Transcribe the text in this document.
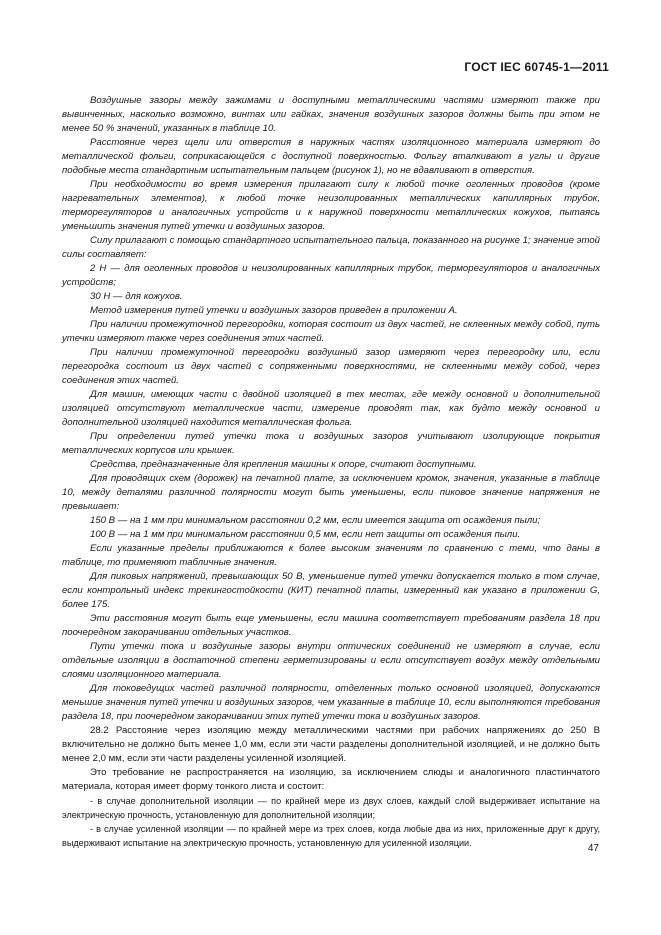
ГОСТ IEC 60745-1—2011

Воздушные зазоры между зажимами и доступными металлическими частями измеряют также при вывинченных, насколько возможно, винтах или гайках, значения воздушных зазоров должны быть при этом не менее 50 % значений, указанных в таблице 10.

Расстояние через щели или отверстия в наружных частях изоляционного материала измеряют до металлической фольги, соприкасающейся с доступной поверхностью. Фольгу вталкивают в углы и другие подобные места стандартным испытательным пальцем (рисунок 1), но не вдавливают в отверстия.

При необходимости во время измерения прилагают силу к любой точке оголенных проводов (кроме нагревательных элементов), к любой точке неизолированных металлических капиллярных трубок, терморегуляторов и аналогичных устройств и к наружной поверхности металлических кожухов, пытаясь уменьшить значения путей утечки и воздушных зазоров.

Силу прилагают с помощью стандартного испытательного пальца, показанного на рисунке 1; значение этой силы составляет:

2 Н — для оголенных проводов и неизолированных капиллярных трубок, терморегуляторов и аналогичных устройств;

30 Н — для кожухов.

Метод измерения путей утечки и воздушных зазоров приведен в приложении А.

При наличии промежуточной перегородки, которая состоит из двух частей, не склеенных между собой, путь утечки измеряют также через соединения этих частей.

При наличии промежуточной перегородки воздушный зазор измеряют через перегородку или, если перегородка состоит из двух частей с сопряженными поверхностями, не склеенными между собой, через соединения этих частей.

Для машин, имеющих части с двойной изоляцией в тех местах, где между основной и дополнительной изоляцией отсутствуют металлические части, измерение проводят так, как будто между основной и дополнительной изоляцией находится металлическая фольга.

При определении путей утечки тока и воздушных зазоров учитывают изолирующие покрытия металлических корпусов или крышек.

Средства, предназначенные для крепления машины к опоре, считают доступными.

Для проводящих схем (дорожек) на печатной плате, за исключением кромок, значения, указанные в таблице 10, между деталями различной полярности могут быть уменьшены, если пиковое значение напряжения не превышает:

150 В — на 1 мм при минимальном расстоянии 0,2 мм, если имеется защита от осаждения пыли;

100 В — на 1 мм при минимальном расстоянии 0,5 мм, если нет защиты от осаждения пыли.

Если указанные пределы приближаются к более высоким значениям по сравнению с теми, что даны в таблице, то применяют табличные значения.

Для пиковых напряжений, превышающих 50 В, уменьшение путей утечки допускается только в том случае, если контрольный индекс трекингостойкости (КИТ) печатной платы, измеренный как указано в приложении G, более 175.

Эти расстояния могут быть еще уменьшены, если машина соответствует требованиям раздела 18 при поочередном закорачивании отдельных участков.

Пути утечки тока и воздушные зазоры внутри оптических соединений не измеряют в случае, если отдельные изоляции в достаточной степени герметизированы и если отсутствует воздух между отдельными слоями изоляционного материала.

Для токоведущих частей различной полярности, отделенных только основной изоляцией, допускаются меньшие значения путей утечки и воздушных зазоров, чем указанные в таблице 10, если выполняются требования раздела 18, при поочередном закорачивании этих путей утечки тока и воздушных зазоров.

28.2 Расстояние через изоляцию между металлическими частями при рабочих напряжениях до 250 В включительно не должно быть менее 1,0 мм, если эти части разделены дополнительной изоляцией, и не должно быть менее 2,0 мм, если эти части разделены усиленной изоляцией.

Это требование не распространяется на изоляцию, за исключением слюды и аналогичного пластинчатого материала, которая имеет форму тонкого листа и состоит:

- в случае дополнительной изоляции — по крайней мере из двух слоев, каждый слой выдерживает испытание на электрическую прочность, установленную для дополнительной изоляции;

- в случае усиленной изоляции — по крайней мере из трех слоев, когда любые два из них, приложенные друг к другу, выдерживают испытание на электрическую прочность, установленную для усиленной изоляции.	47
